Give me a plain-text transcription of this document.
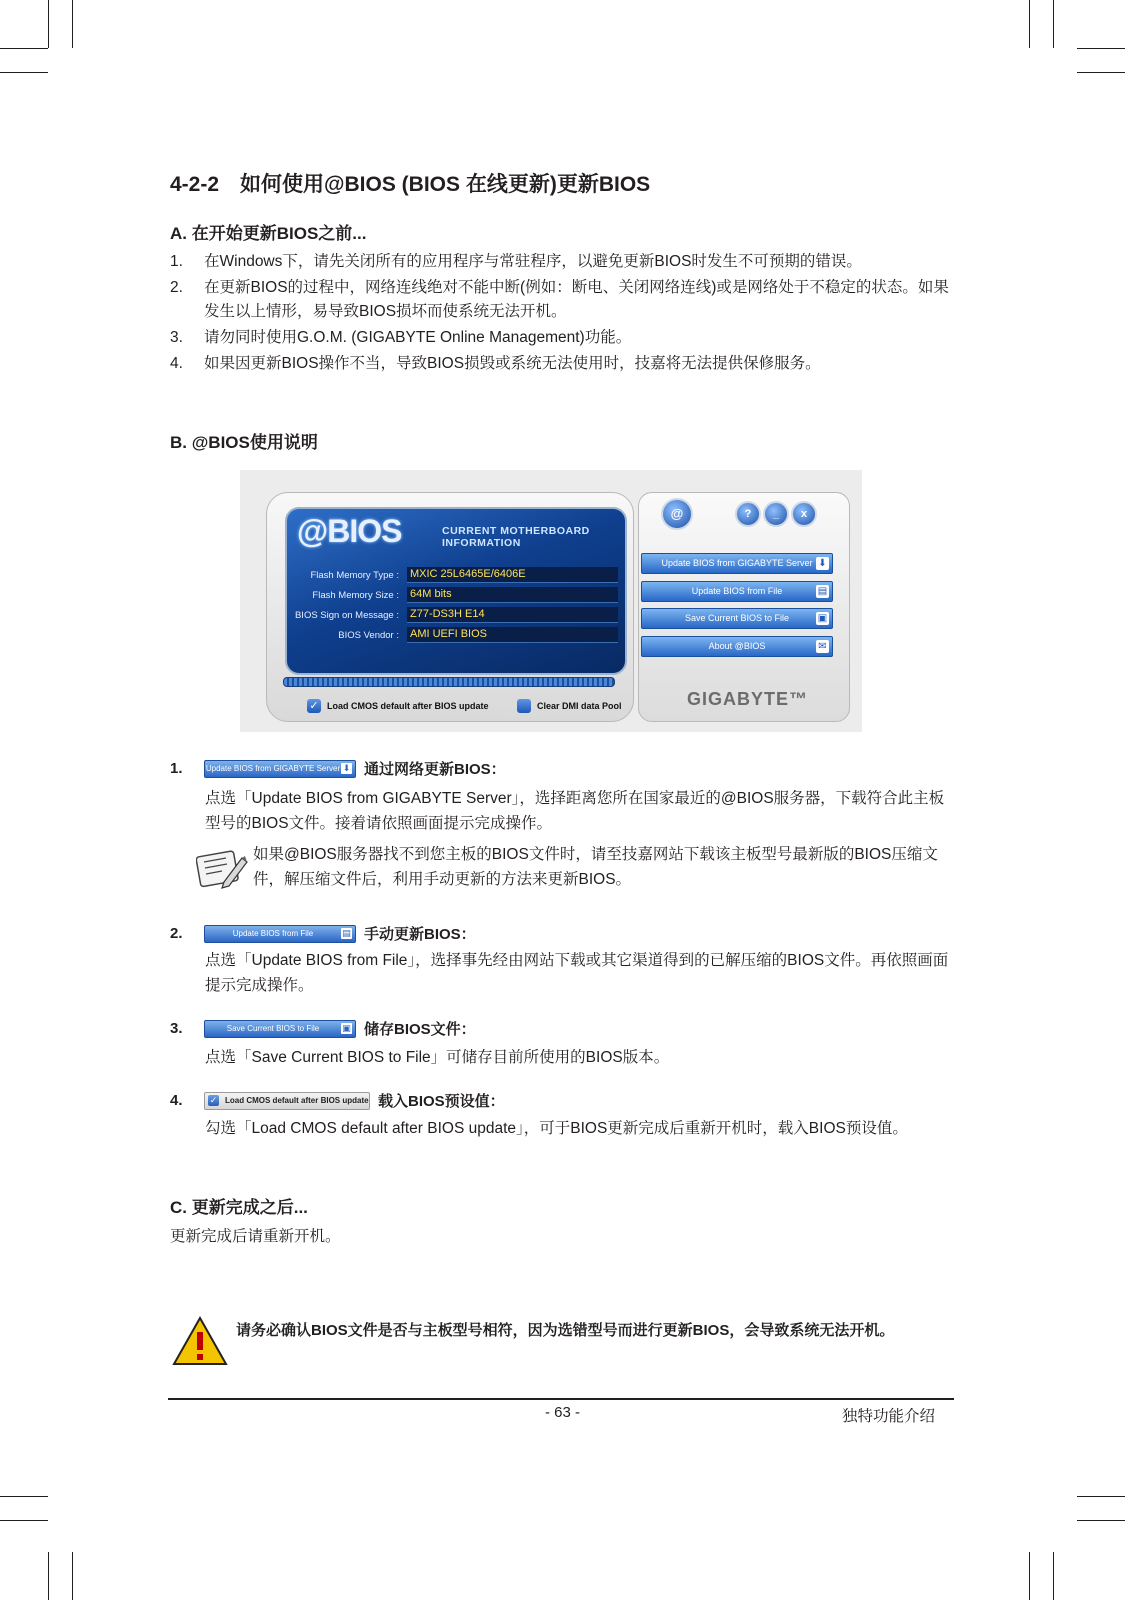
4-2-2　如何使用@BIOS (BIOS 在线更新)更新BIOS
A. 在开始更新BIOS之前...
1.	在Windows下，请先关闭所有的应用程序与常驻程序，以避免更新BIOS时发生不可预期的错误。
2.	在更新BIOS的过程中，网络连线绝对不能中断(例如：断电、关闭网络连线)或是网络处于不稳定的状态。如果发生以上情形，易导致BIOS损坏而使系统无法开机。
3.	请勿同时使用G.O.M. (GIGABYTE Online Management)功能。
4.	如果因更新BIOS操作不当，导致BIOS损毁或系统无法使用时，技嘉将无法提供保修服务。
B. @BIOS使用说明
@BIOS	CURRENT MOTHERBOARD
INFORMATION
Flash Memory Type : MXIC 25L6465E/6406E
Flash Memory Size : 64M bits
BIOS Sign on Message : Z77-DS3H E14
BIOS Vendor : AMI UEFI BIOS
✓ Load CMOS default after BIOS update	Clear DMI data Pool
@	?	_	x
Update BIOS from GIGABYTE Server ⬇
Update BIOS from File	▤
Save Current BIOS to File	▣
About @BIOS	✉
GIGABYTE™
1.	Update BIOS from GIGABYTE Server ⬇ 通过网络更新BIOS：
点选「Update BIOS from GIGABYTE Server」，选择距离您所在国家最近的@BIOS服务器，下载符合此主板型号的BIOS文件。接着请依照画面提示完成操作。
如果@BIOS服务器找不到您主板的BIOS文件时，请至技嘉网站下载该主板型号最新版的BIOS压缩文件，解压缩文件后，利用手动更新的方法来更新BIOS。
2.	Update BIOS from File	▤ 手动更新BIOS：
点选「Update BIOS from File」，选择事先经由网站下载或其它渠道得到的已解压缩的BIOS文件。再依照画面提示完成操作。
3.	Save Current BIOS to File	▣ 储存BIOS文件：
点选「Save Current BIOS to File」可储存目前所使用的BIOS版本。
4.	✓ Load CMOS default after BIOS update 载入BIOS预设值：
勾选「Load CMOS default after BIOS update」，可于BIOS更新完成后重新开机时，载入BIOS预设值。
C. 更新完成之后...
更新完成后请重新开机。
请务必确认BIOS文件是否与主板型号相符，因为选错型号而进行更新BIOS，会导致系统无法开机。
- 63 -	独特功能介绍
